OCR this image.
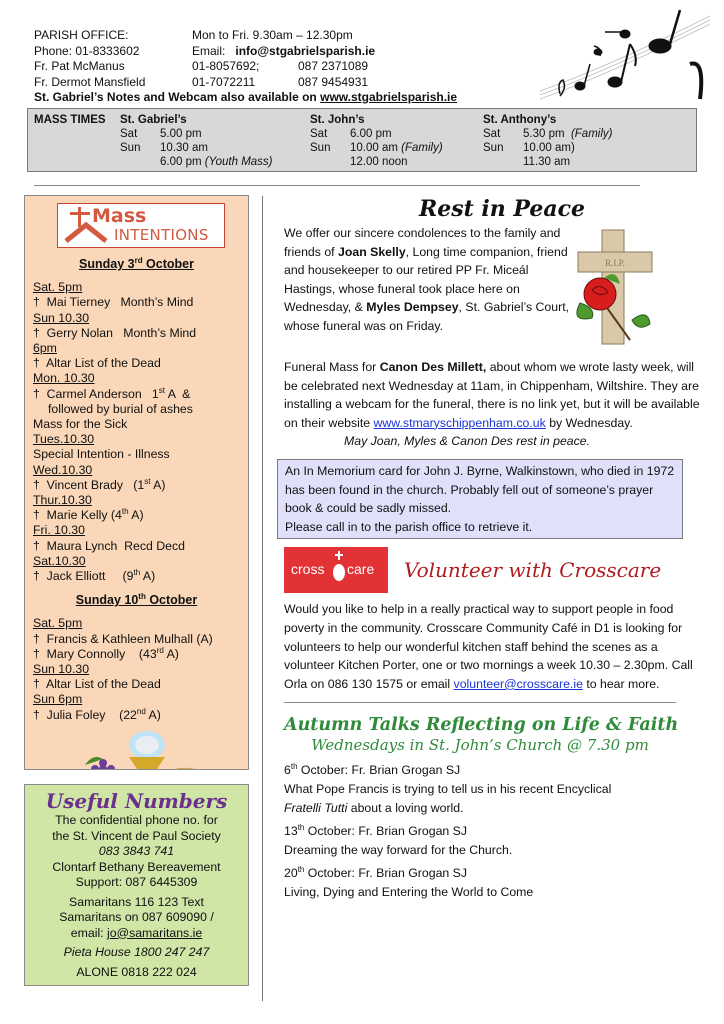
PARISH OFFICE:	Mon to Fri. 9.30am – 12.30pm
Phone: 01-8333602	Email: info@stgabrielsparish.ie
Fr. Pat McManus	01-8057692;	087 2371089
Fr. Dermot Mansfield	01-7072211	087 9454931
St. Gabriel’s Notes and Webcam also available on www.stgabrielsparish.ie
MASS TIMES St. Gabriel’s
Sat	5.00 pm
Sun	10.30 am
6.00 pm (Youth Mass)
St. John’s
Sat	6.00 pm
Sun	10.00 am (Family)
12.00 noon
St. Anthony’s
Sat	5.30 pm (Family)
Sun	10.00 am)
11.30 am
Mass
INTENTIONS
Sunday 3rd October
Sat. 5pm
†  Mai Tierney   Month’s Mind
Sun 10.30
†  Gerry Nolan   Month’s Mind
6pm
†  Altar List of the Dead
Mon. 10.30
†  Carmel Anderson   1st A  &
followed by burial of ashes
Mass for the Sick
Tues.10.30
Special Intention - Illness
Wed.10.30
†  Vincent Brady   (1st A)
Thur.10.30
†  Marie Kelly (4th A)
Fri. 10.30
†  Maura Lynch  Recd Decd
Sat.10.30
†  Jack Elliott     (9th A)
Sunday 10th October
Sat. 5pm
†  Francis & Kathleen Mulhall (A)
†  Mary Connolly    (43rd A)
Sun 10.30
†  Altar List of the Dead
Sun 6pm
†  Julia Foley    (22nd A)
Useful Numbers
The confidential phone no. for
the St. Vincent de Paul Society
083 3843 741
Clontarf Bethany Bereavement
Support: 087 6445309
Samaritans 116 123 Text
Samaritans on 087 609090 /
email: jo@samaritans.ie
Pieta House 1800 247 247
ALONE 0818 222 024
Rest in Peace
We offer our sincere condolences to the family and friends of Joan Skelly, Long time companion, friend and housekeeper to our retired PP Fr. Miceál Hastings, whose funeral took place here on Wednesday, & Myles Dempsey, St. Gabriel’s Court, whose funeral was on Friday.
R.I.P.
Funeral Mass for Canon Des Millett, about whom we wrote lasty week, will be celebrated next Wednesday at 11am, in Chippenham, Wiltshire. They are installing a webcam for the funeral, there is no link yet, but it will be available on their website www.stmaryschippenham.co.uk by Wednesday.
May Joan, Myles & Canon Des rest in peace.
An In Memorium card for John J. Byrne, Walkinstown, who died in 1972 has been found in the church. Probably fell out of someone’s prayer book & could be sadly missed.
Please call in to the parish office to retrieve it.
cross care Volunteer with Crosscare
Would you like to help in a really practical way to support people in food poverty in the community. Crosscare Community Café in D1 is looking for volunteers to help our wonderful kitchen staff behind the scenes as a volunteer Kitchen Porter, one or two mornings a week 10.30 – 2.30pm. Call Orla on 086 130 1575 or email volunteer@crosscare.ie to hear more.
Autumn Talks Reflecting on Life & Faith
Wednesdays in St. John’s Church @ 7.30 pm
6th October: Fr. Brian Grogan SJ
What Pope Francis is trying to tell us in his recent Encyclical
Fratelli Tutti about a loving world.
13th October: Fr. Brian Grogan SJ
Dreaming the way forward for the Church.
20th October: Fr. Brian Grogan SJ
Living, Dying and Entering the World to Come
